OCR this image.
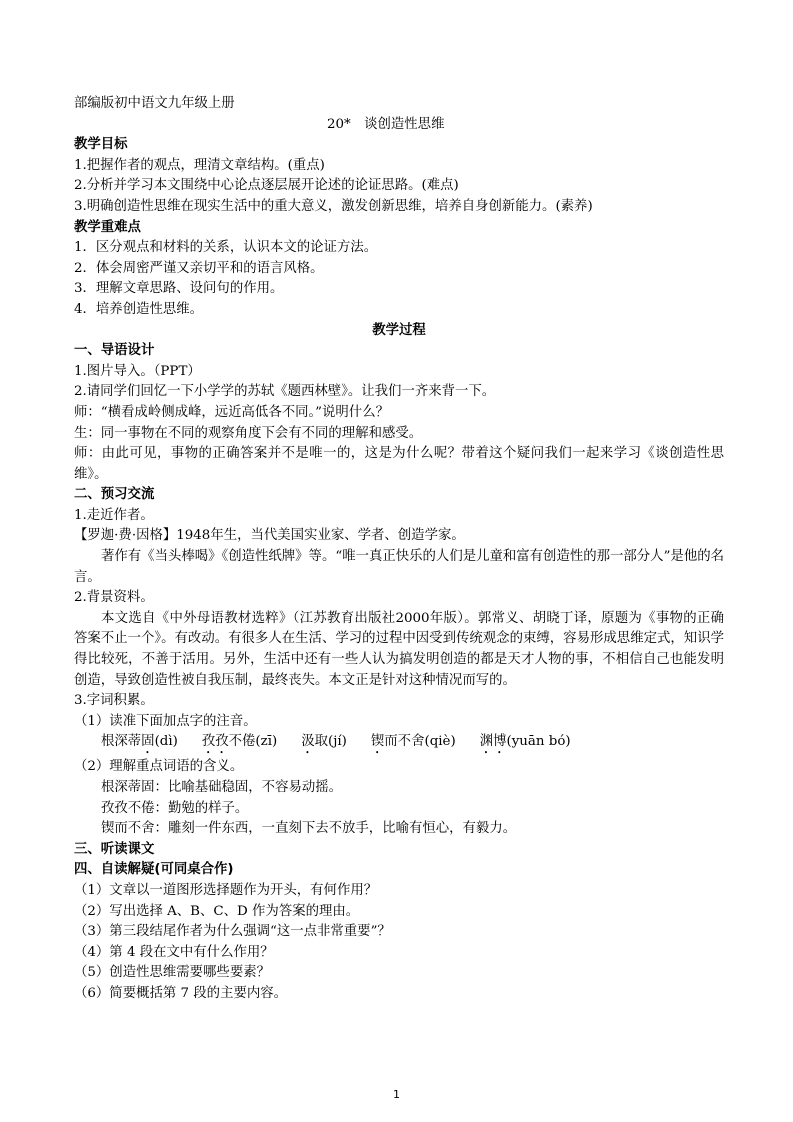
部编版初中语文九年级上册
20*　谈创造性思维
教学目标
1.把握作者的观点，理清文章结构。(重点)
2.分析并学习本文围绕中心论点逐层展开论述的论证思路。(难点)
3.明确创造性思维在现实生活中的重大意义，激发创新思维，培养自身创新能力。(素养)
教学重难点
1．区分观点和材料的关系，认识本文的论证方法。
2．体会周密严谨又亲切平和的语言风格。
3．理解文章思路、设问句的作用。
4．培养创造性思维。
教学过程
一、导语设计
1.图片导入。（PPT）
2.请同学们回忆一下小学学的苏轼《题西林壁》。让我们一齐来背一下。
师：“横看成岭侧成峰，远近高低各不同。”说明什么？
生：同一事物在不同的观察角度下会有不同的理解和感受。
师：由此可见，事物的正确答案并不是唯一的，这是为什么呢？带着这个疑问我们一起来学习《谈创造性思维》。
二、预习交流
1.走近作者。
【罗迦·费·因格】1948年生，当代美国实业家、学者、创造学家。
著作有《当头棒喝》《创造性纸牌》等。“唯一真正快乐的人们是儿童和富有创造性的那一部分人”是他的名言。
2.背景资料。
本文选自《中外母语教材选粹》（江苏教育出版社2000年版）。郭常义、胡晓丁译，原题为《事物的正确答案不止一个》。有改动。有很多人在生活、学习的过程中因受到传统观念的束缚，容易形成思维定式，知识学得比较死，不善于活用。另外，生活中还有一些人认为搞发明创造的都是天才人物的事，不相信自己也能发明创造，导致创造性被自我压制，最终丧失。本文正是针对这种情况而写的。
3.字词积累。
（1）读准下面加点字的注音。
根深蒂固(dì) 孜孜不倦(zī) 汲取(jí) 锲而不舍(qiè) 渊博(yuān bó)
（2）理解重点词语的含义。
根深蒂固：比喻基础稳固，不容易动摇。
孜孜不倦：勤勉的样子。
锲而不舍：雕刻一件东西，一直刻下去不放手，比喻有恒心，有毅力。
三、听读课文
四、自读解疑(可同桌合作)
（1）文章以一道图形选择题作为开头，有何作用？
（2）写出选择 A、B、C、D 作为答案的理由。
（3）第三段结尾作者为什么强调“这一点非常重要”？
（4）第 4 段在文中有什么作用？
（5）创造性思维需要哪些要素？
（6）简要概括第 7 段的主要内容。
1
